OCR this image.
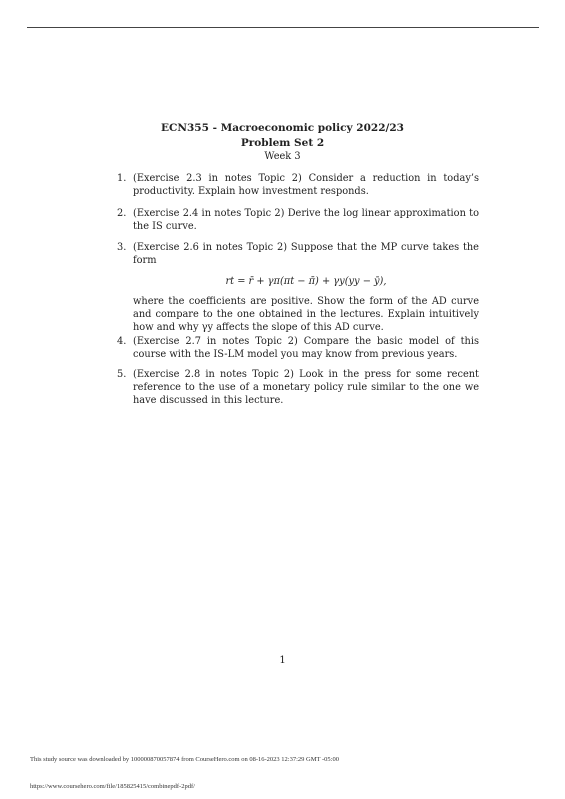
ECN355 - Macroeconomic policy 2022/23
Problem Set 2
Week 3
1. (Exercise 2.3 in notes Topic 2) Consider a reduction in today’s productivity. Explain how investment responds.
2. (Exercise 2.4 in notes Topic 2) Derive the log linear approximation to the IS curve.
3. (Exercise 2.6 in notes Topic 2) Suppose that the MP curve takes the form
rt = r̄ + γπ(πt − π̄) + γy(yy − ȳ),
where the coefficients are positive. Show the form of the AD curve and compare to the one obtained in the lectures. Explain intuitively how and why γy affects the slope of this AD curve.
4. (Exercise 2.7 in notes Topic 2) Compare the basic model of this course with the IS-LM model you may know from previous years.
5. (Exercise 2.8 in notes Topic 2) Look in the press for some recent reference to the use of a monetary policy rule similar to the one we have discussed in this lecture.
1
This study source was downloaded by 100000870057874 from CourseHero.com on 08-16-2023 12:37:29 GMT -05:00
https://www.coursehero.com/file/185825415/combinepdf-2pdf/
